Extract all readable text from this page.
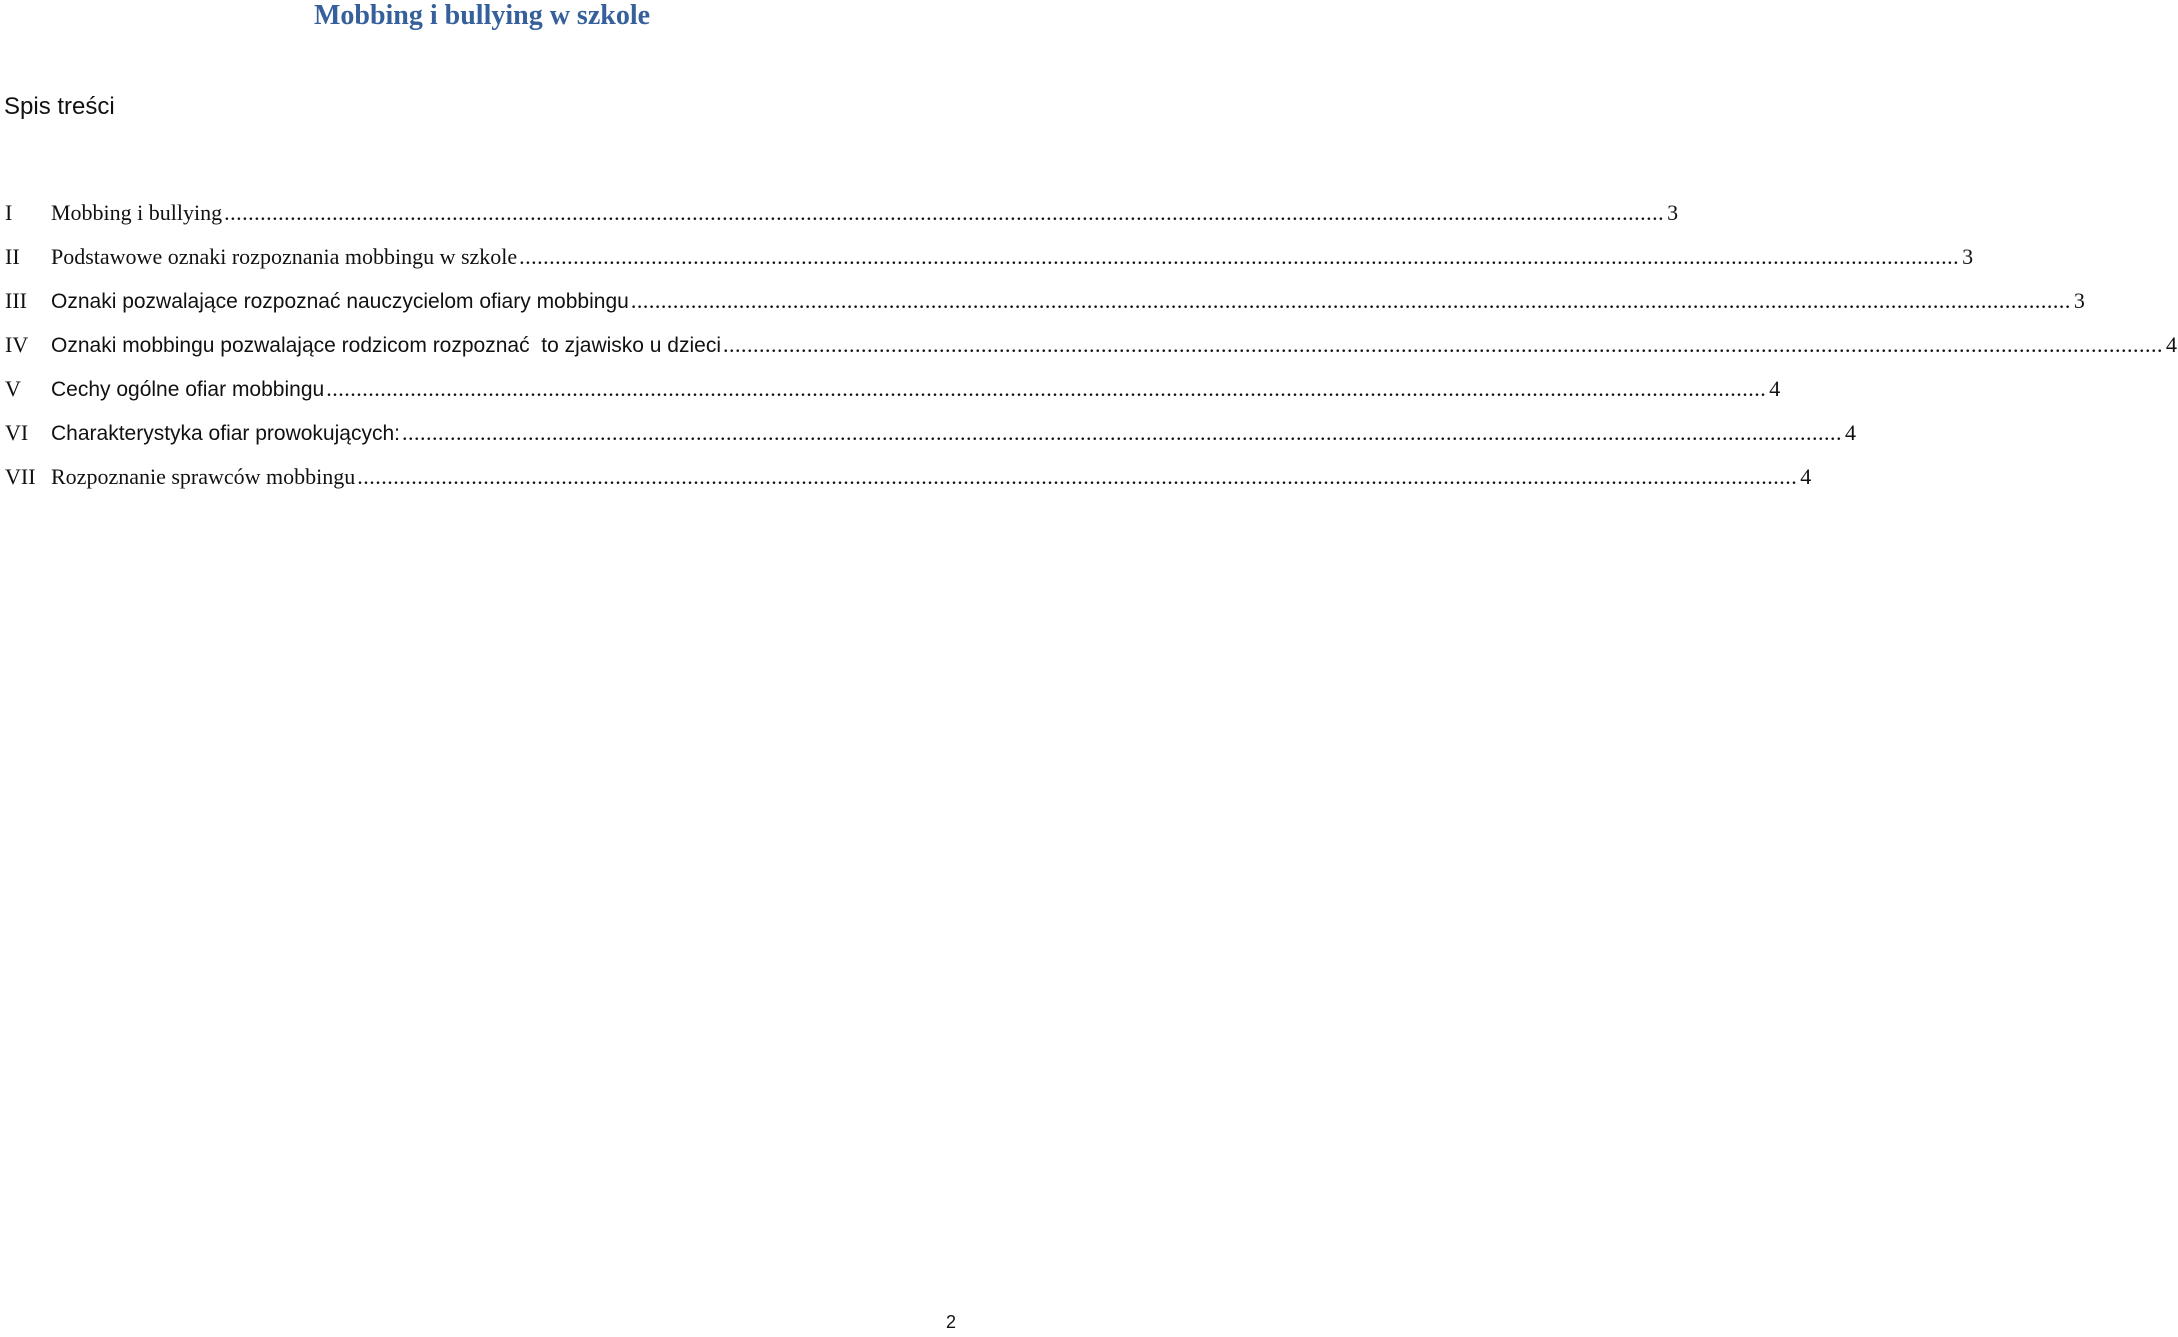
Mobbing i bullying w szkole
Spis treści
I Mobbing i bullying ................................................................................................................................................................................................................................................ 3
II Podstawowe oznaki rozpoznania mobbingu w szkole ................................................................................................................................................................................................................................................ 3
III Oznaki pozwalające rozpoznać nauczycielom ofiary mobbingu ................................................................................................................................................................................................................................................ 3
IV Oznaki mobbingu pozwalające rodzicom rozpoznać  to zjawisko u dzieci ................................................................................................................................................................................................................................................ 4
V Cechy ogólne ofiar mobbingu ................................................................................................................................................................................................................................................ 4
VI Charakterystyka ofiar prowokujących: ................................................................................................................................................................................................................................................ 4
VII Rozpoznanie sprawców mobbingu ................................................................................................................................................................................................................................................ 4
2
